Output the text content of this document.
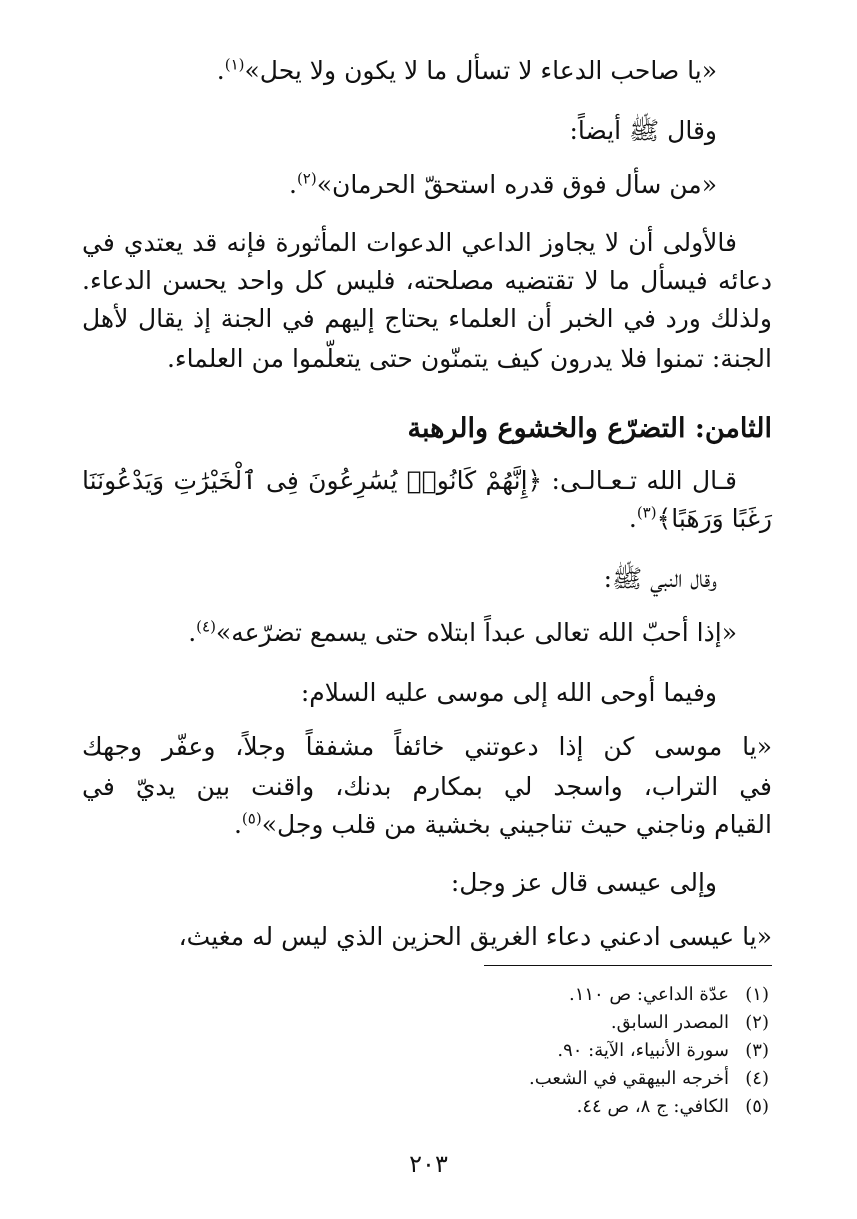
«يا صاحب الدعاء لا تسأل ما لا يكون ولا يحل»$^{(١)}$.
وقال ﷺ أيضاً:
«من سأل فوق قدره استحقّ الحرمان»$^{(٢)}$.
فالأولى أن لا يجاوز الداعي الدعوات المأثورة فإنه قد يعتدي في
دعائه فيسأل ما لا تقتضيه مصلحته، فليس كل واحد يحسن الدعاء.
ولذلك ورد في الخبر أن العلماء يحتاج إليهم في الجنة إذ يقال لأهل
الجنة: تمنوا فلا يدرون كيف يتمنّون حتى يتعلّموا من العلماء.
الثامن: التضرّع والخشوع والرهبة
قـال الله تـعـالـى: ﴿إِنَّهُمْ كَانُوا۟ يُسَٰرِعُونَ فِى ٱلْخَيْرَٰتِ وَيَدْعُونَنَا
رَغَبًا وَرَهَبًا﴾$^{(٣)}$.
وقال النبي ﷺ:
«إذا أحبّ الله تعالى عبداً ابتلاه حتى يسمع تضرّعه»$^{(٤)}$.
وفيما أوحى الله إلى موسى عليه السلام:
«يا موسى كن إذا دعوتني خائفاً مشفقاً وجلاً، وعفّر وجهك
في التراب، واسجد لي بمكارم بدنك، واقنت بين يديّ في
القيام وناجني حيث تناجيني بخشية من قلب وجل»$^{(٥)}$.
وإلى عيسى قال عز وجل:
«يا عيسى ادعني دعاء الغريق الحزين الذي ليس له مغيث،
(١)عدّة الداعي: ص ١١٠.
(٢)المصدر السابق.
(٣)سورة الأنبياء، الآية: ٩٠.
(٤)أخرجه البيهقي في الشعب.
(٥)الكافي: ج ٨، ص ٤٤.
٢٠٣
